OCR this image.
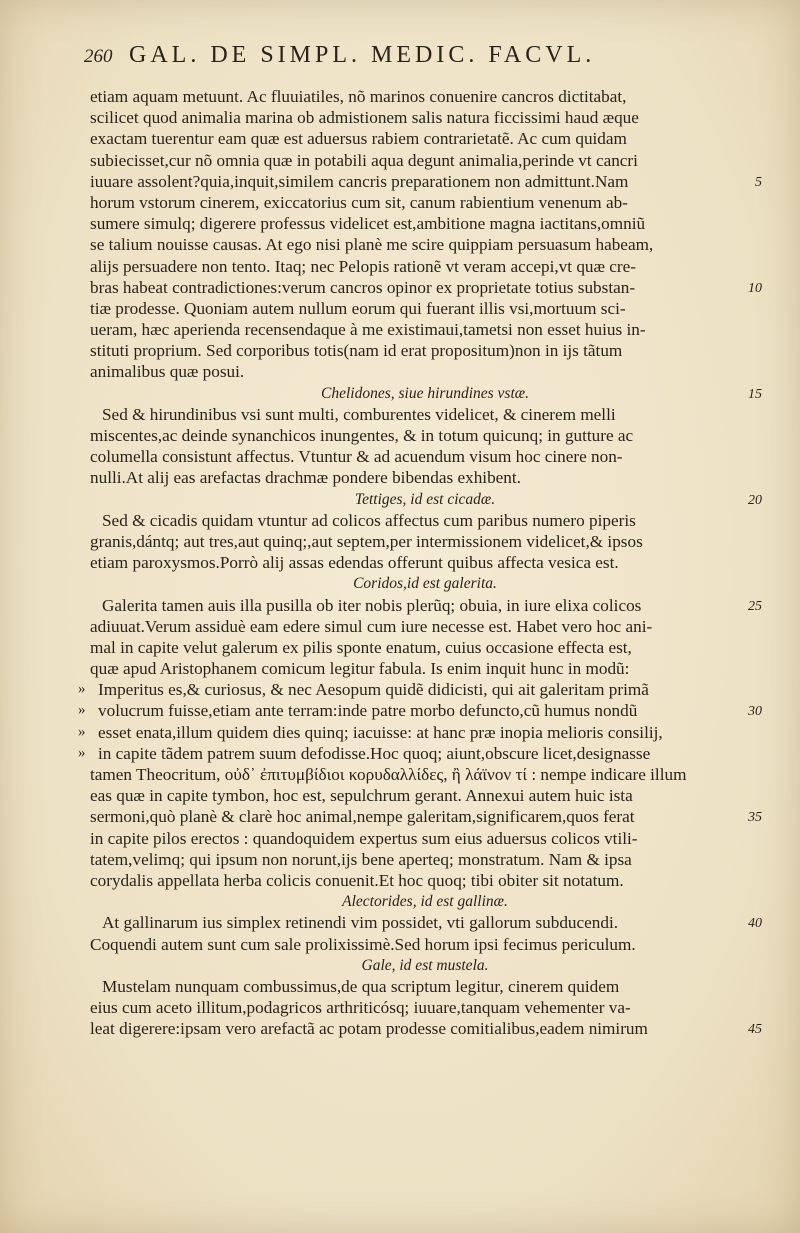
260 GAL. DE SIMPL. MEDIC. FACVL.
etiam aquam metuunt. Ac fluuiatiles, nõ marinos conuenire cancros dictitabat,
scilicet quod animalia marina ob admistionem salis natura ficcissimi haud æque
exactam tuerentur eam quæ est aduersus rabiem contrarietatẽ. Ac cum quidam
subiecisset,cur nõ omnia quæ in potabili aqua degunt animalia,perinde vt cancri
iuuare assolent?quia,inquit,similem cancris preparationem non admittunt.Nam	5
horum vstorum cinerem, exiccatorius cum sit, canum rabientium venenum ab-
sumere simulq; digerere professus videlicet est,ambitione magna iactitans,omniũ
se talium nouisse causas. At ego nisi planè me scire quippiam persuasum habeam,
alijs persuadere non tento. Itaq; nec Pelopis rationẽ vt veram accepi,vt quæ cre-
bras habeat contradictiones:verum cancros opinor ex proprietate totius substan-	10
tiæ prodesse. Quoniam autem nullum eorum qui fuerant illis vsi,mortuum sci-
ueram, hæc aperienda recensendaque à me existimaui,tametsi non esset huius in-
stituti proprium. Sed corporibus totis(nam id erat propositum)non in ijs tãtum
animalibus quæ posui.
Chelidones, siue hirundines vstæ.	15
Sed & hirundinibus vsi sunt multi, comburentes videlicet, & cinerem melli
miscentes,ac deinde synanchicos inungentes, & in totum quicunq; in gutture ac
columella consistunt affectus. Vtuntur & ad acuendum visum hoc cinere non-
nulli.At alij eas arefactas drachmæ pondere bibendas exhibent.
Tettiges, id est cicadæ.	20
Sed & cicadis quidam vtuntur ad colicos affectus cum paribus numero piperis
granis,dántq; aut tres,aut quinq;,aut septem,per intermissionem videlicet,& ipsos
etiam paroxysmos.Porrò alij assas edendas offerunt quibus affecta vesica est.
Coridos,id est galerita.
Galerita tamen auis illa pusilla ob iter nobis plerũq; obuia, in iure elixa colicos	25
adiuuat.Verum assiduè eam edere simul cum iure necesse est. Habet vero hoc ani-
mal in capite velut galerum ex pilis sponte enatum, cuius occasione effecta est,
quæ apud Aristophanem comicum legitur fabula. Is enim inquit hunc in modũ:
» Imperitus es,& curiosus, & nec Aesopum quidẽ didicisti, qui ait galeritam primã
» volucrum fuisse,etiam ante terram:inde patre morbo defuncto,cũ humus nondũ	30
» esset enata,illum quidem dies quinq; iacuisse: at hanc præ inopia melioris consilij,
» in capite tãdem patrem suum defodisse.Hoc quoq; aiunt,obscure licet,designasse
tamen Theocritum, οὐδ᾽ ἐπιτυμβίδιοι κορυδαλλίδες, ἢ λάϊνον τί : nempe indicare illum
eas quæ in capite tymbon, hoc est, sepulchrum gerant. Annexui autem huic ista
sermoni,quò planè & clarè hoc animal,nempe galeritam,significarem,quos ferat	35
in capite pilos erectos : quandoquidem expertus sum eius aduersus colicos vtili-
tatem,velimq; qui ipsum non norunt,ijs bene aperteq; monstratum. Nam & ipsa
corydalis appellata herba colicis conuenit.Et hoc quoq; tibi obiter sit notatum.
Alectorides, id est gallinæ.
At gallinarum ius simplex retinendi vim possidet, vti gallorum subducendi.	40
Coquendi autem sunt cum sale prolixissimè.Sed horum ipsi fecimus periculum.
Gale, id est mustela.
Mustelam nunquam combussimus,de qua scriptum legitur, cinerem quidem
eius cum aceto illitum,podagricos arthriticósq; iuuare,tanquam vehementer va-
leat digerere:ipsam vero arefactã ac potam prodesse comitialibus,eadem nimirum	45
